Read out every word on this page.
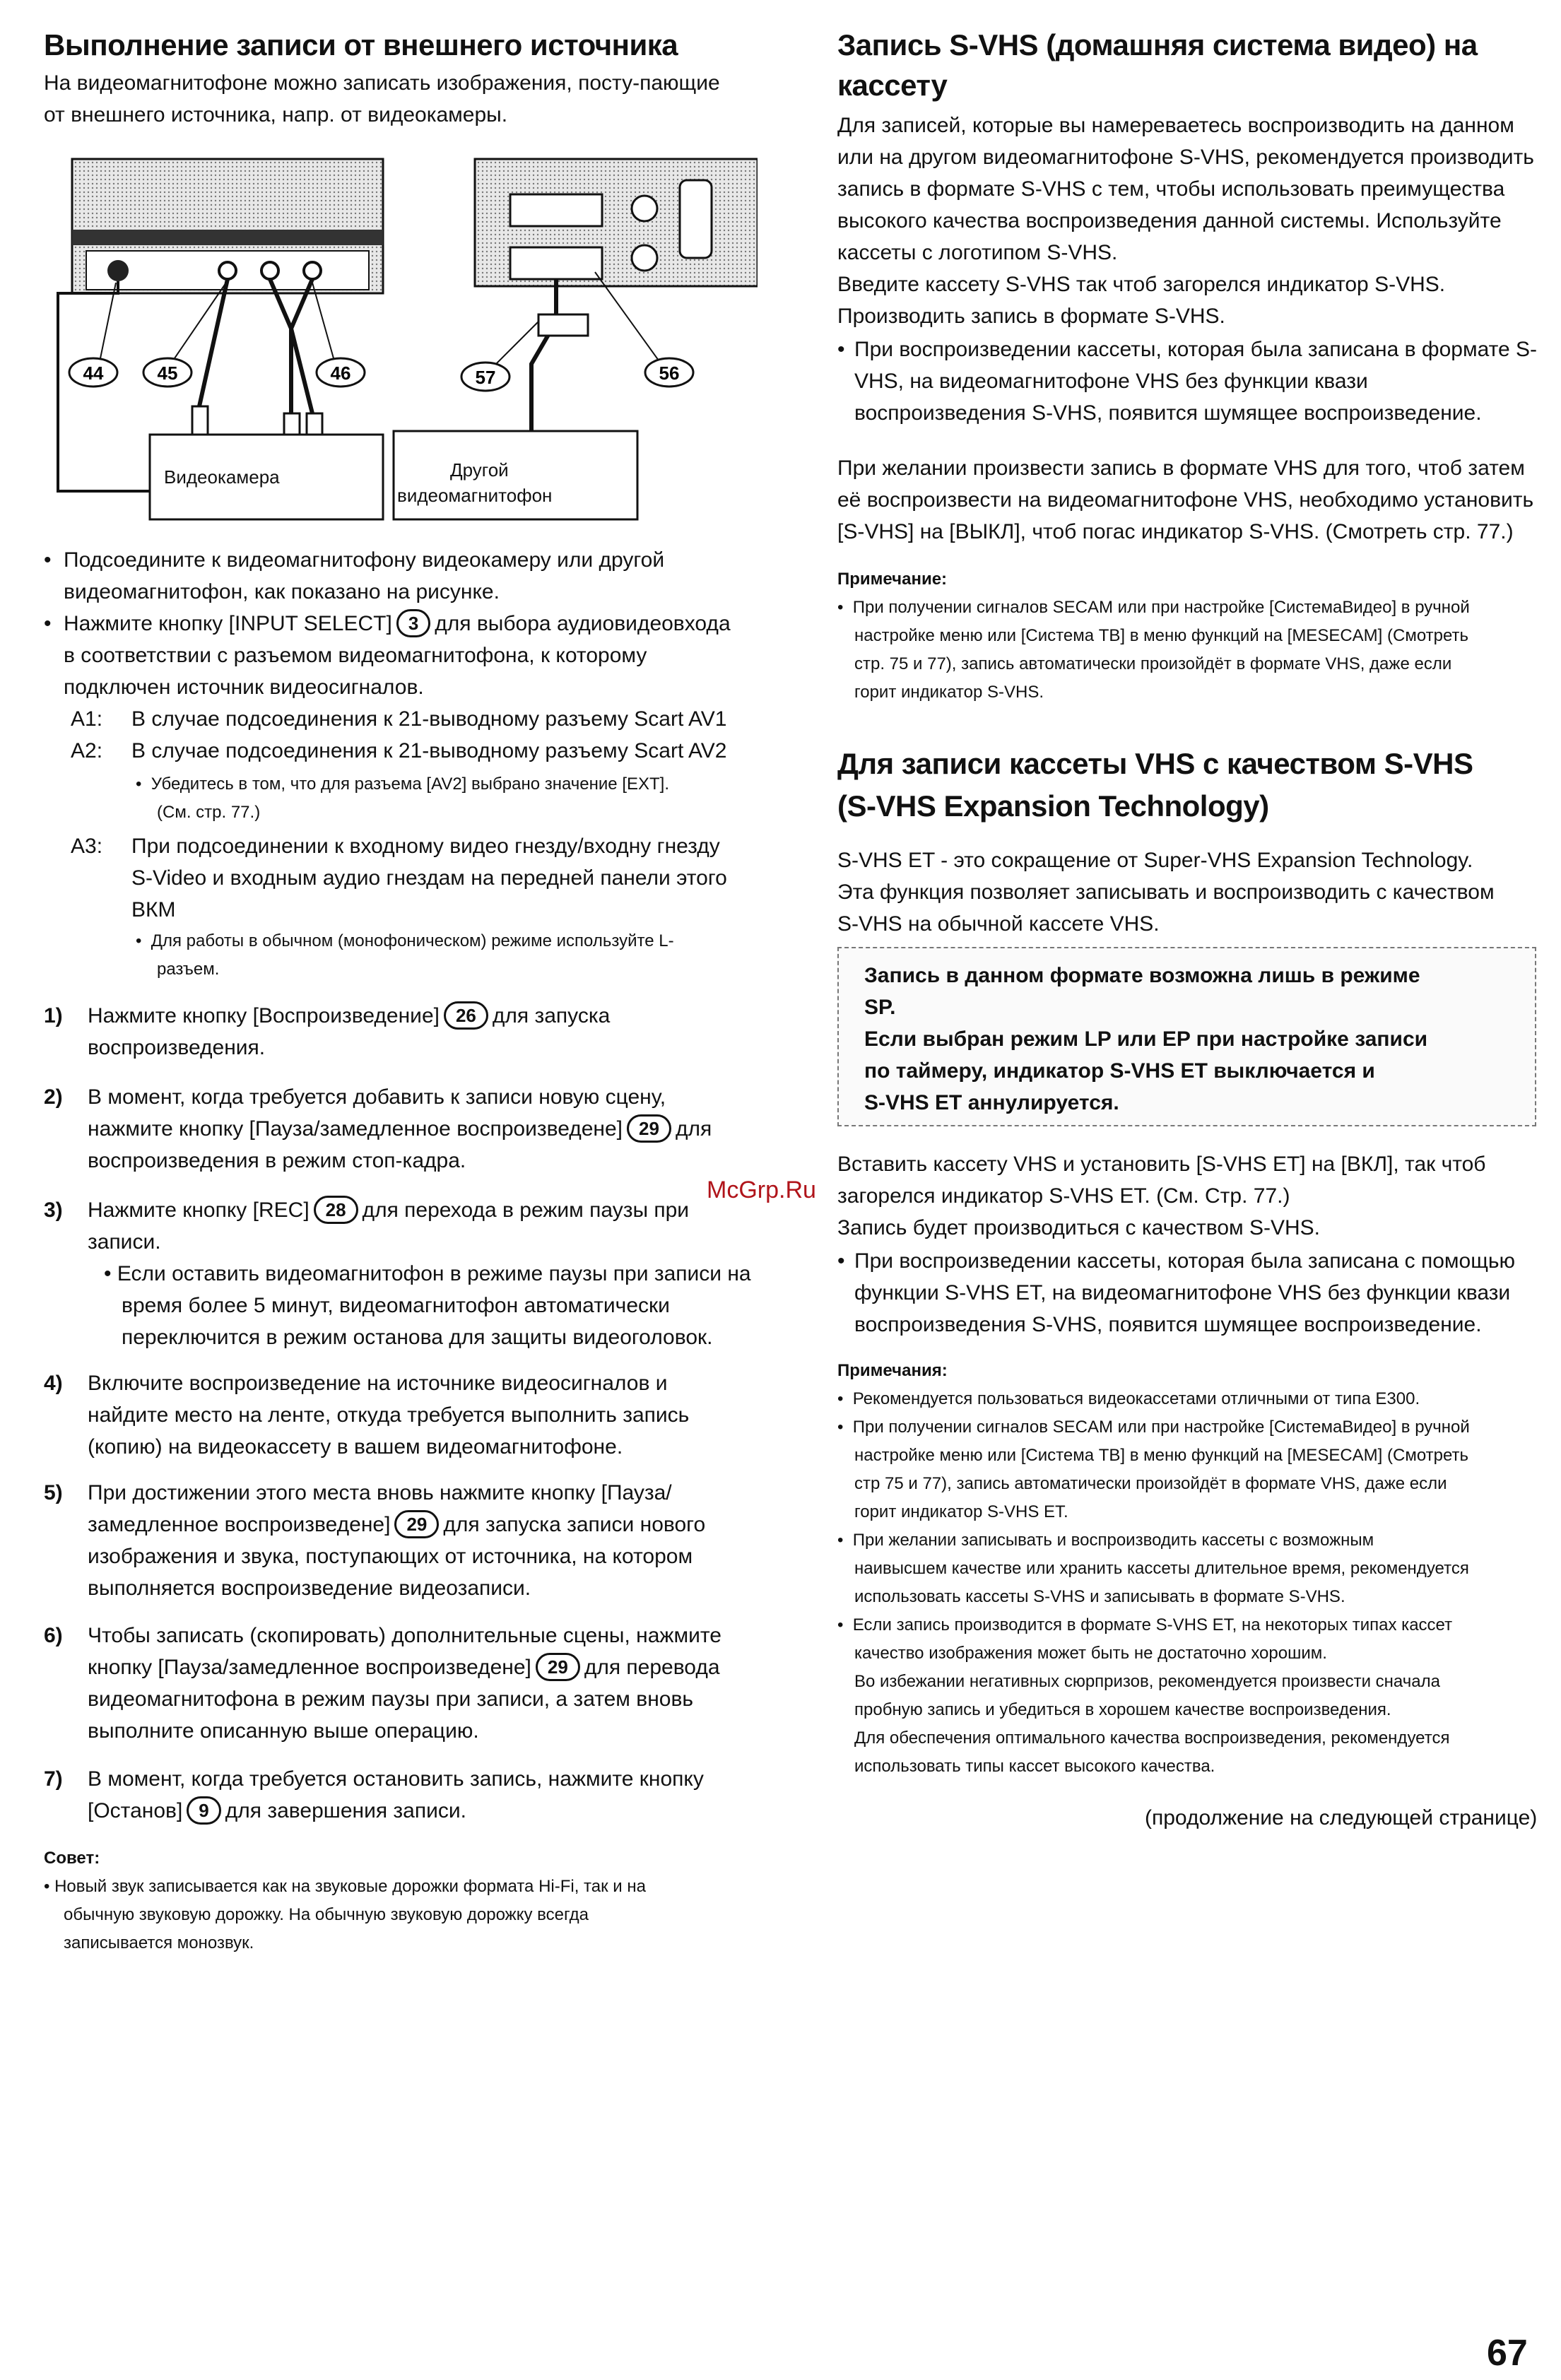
Выполнение записи от внешнего источника
На видеомагнитофоне можно записать изображения, посту-пающие
от внешнего источника, напр. от видеокамеры.
44	45	46	57	56
Видеокамера	Другой
видеомагнитофон
• Подсоедините к видеомагнитофону видеокамеру или другой
видеомагнитофон, как показано на рисунке.
• Нажмите кнопку [INPUT SELECT] 3 для выбора аудиовидеовхода
в соответствии с разъемом видеомагнитофона, к которому
подключен источник видеосигналов.
A1: В случае подсоединения к 21-выводному разъему Scart AV1
A2: В случае подсоединения к 21-выводному разъему Scart AV2
•  Убедитесь в том, что для разъема [AV2] выбрано значение [EXT].
(См. стр. 77.)
A3: При подсоединении к входному видео гнезду/входну гнезду
S-Video и входным аудио гнездам на передней панели этого
ВКМ
•  Для работы в обычном (монофоническом) режиме используйте L-
разъем.
1) Нажмите кнопку [Воспроизведение] 26 для запуска
воспроизведения.
2) В момент, когда требуется добавить к записи новую сцену,
нажмите кнопку [Пауза/замедленное воспроизведене] 29 для
воспроизведения в режим стоп-кадра.
3) Нажмите кнопку [REC] 28 для перехода в режим паузы при
записи.
• Если оставить видеомагнитофон в режиме паузы при записи на
время более 5 минут, видеомагнитофон автоматически
переключится в режим останова для защиты видеоголовок.
4) Включите воспроизведение на источнике видеосигналов и
найдите место на ленте, откуда требуется выполнить запись
(копию) на видеокассету в вашем видеомагнитофоне.
5) При достижении этого места вновь нажмите кнопку [Пауза/
замедленное воспроизведене] 29 для запуска записи нового
изображения и звука, поступающих от источника, на котором
выполняется воспроизведение видеозаписи.
6) Чтобы записать (скопировать) дополнительные сцены, нажмите
кнопку [Пауза/замедленное воспроизведене] 29 для перевода
видеомагнитофона в режим паузы при записи, а затем вновь
выполните описанную выше операцию.
7) В момент, когда требуется остановить запись, нажмите кнопку
[Останов] 9 для завершения записи.
Совет:
• Новый звук записывается как на звуковые дорожки формата Hi-Fi, так и на
обычную звуковую дорожку. На обычную звуковую дорожку всегда
записывается монозвук.
Запись S-VHS (домашняя система видео) на
кассету
Для записей, которые вы намереваетесь воспроизводить на данном
или на другом видеомагнитофоне S-VHS, рекомендуется производить
запись в формате S-VHS с тем, чтобы использовать преимущества
высокого качества воспроизведения данной системы. Используйте
кассеты с логотипом S-VHS.
Введите кассету S-VHS так чтоб загорелся индикатор S-VHS.
Производить запись в формате S-VHS.
• При воспроизведении кассеты, которая была записана в формате S-
VHS, на видеомагнитофоне VHS без функции квази
воспроизведения S-VHS, появится шумящее воспроизведение.
При желании произвести запись в формате VHS для того, чтоб затем
её воспроизвести на видеомагнитофоне VHS, необходимо установить
[S-VHS] на [ВЫКЛ], чтоб погас индикатор S-VHS. (Смотреть стр. 77.)
Примечание:
•  При получении сигналов SECAM или при настройке [СистемаВидео] в ручной
настройке меню или [Система ТВ] в меню функций на [MESECAM] (Смотреть
стр. 75 и 77), запись автоматически произойдёт в формате VHS, даже если
горит индикатор S-VHS.
Для записи кассеты VHS с качеством S-VHS
(S-VHS Expansion Technology)
S-VHS ET - это сокращение от Super-VHS Expansion Technology.
Эта функция позволяет записывать и воспроизводить с качеством
S-VHS на обычной кассете VHS.
Запись в данном формате возможна лишь в режиме
SP.
Если выбран режим LP или EP при настройке записи
по таймеру, индикатор S-VHS ET выключается и
S-VHS ET аннулируется.
Вставить кассету VHS и установить [S-VHS ET] на [ВКЛ], так чтоб
загорелся индикатор S-VHS ET. (См. Стр. 77.)
Запись будет производиться с качеством S-VHS.
• При воспроизведении кассеты, которая была записана с помощью
функции S-VHS ET, на видеомагнитофоне VHS без функции квази
воспроизведения S-VHS, появится шумящее воспроизведение.
Примечания:
•  Рекомендуется пользоваться видеокассетами отличными от типа E300.
•  При получении сигналов SECAM или при настройке [СистемаВидео] в ручной
настройке меню или [Система ТВ] в меню функций на [MESECAM] (Смотреть
стр 75 и 77), запись автоматически произойдёт в формате VHS, даже если
горит индикатор S-VHS ET.
•  При желании записывать и воспроизводить кассеты с возможным
наивысшем качестве или хранить кассеты длительное время, рекомендуется
использовать кассеты S-VHS и записывать в формате S-VHS.
•  Если запись производится в формате S-VHS ET, на некоторых типах кассет
качество изображения может быть не достаточно хорошим.
Во избежании негативных сюрпризов, рекомендуется произвести сначала
пробную запись и убедиться в хорошем качестве воспроизведения.
Для обеспечения оптимального качества воспроизведения, рекомендуется
использовать типы кассет высокого качества.
(продолжение на следующей странице)
McGrp.Ru
67
